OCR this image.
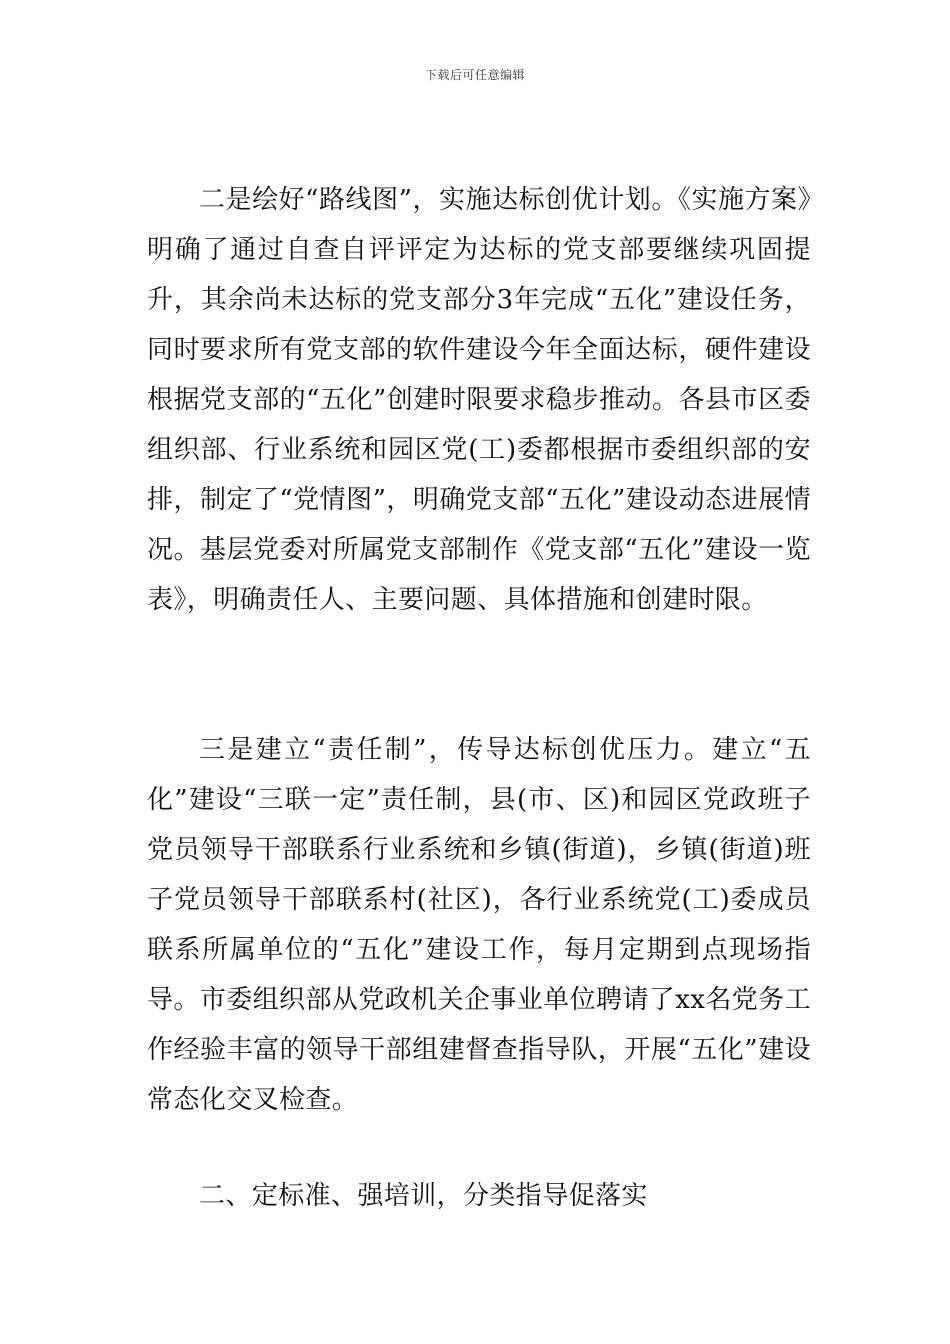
下载后可任意编辑

二是绘好“路线图”，实施达标创优计划。《实施方案》明确了通过自查自评评定为达标的党支部要继续巩固提升，其余尚未达标的党支部分3年完成“五化”建设任务，同时要求所有党支部的软件建设今年全面达标，硬件建设根据党支部的“五化”创建时限要求稳步推动。各县市区委组织部、行业系统和园区党(工)委都根据市委组织部的安排，制定了“党情图”，明确党支部“五化”建设动态进展情况。基层党委对所属党支部制作《党支部“五化”建设一览表》，明确责任人、主要问题、具体措施和创建时限。

三是建立“责任制”，传导达标创优压力。建立“五化”建设“三联一定”责任制，县(市、区)和园区党政班子党员领导干部联系行业系统和乡镇(街道)，乡镇(街道)班子党员领导干部联系村(社区)，各行业系统党(工)委成员联系所属单位的“五化”建设工作，每月定期到点现场指导。市委组织部从党政机关企事业单位聘请了xx名党务工作经验丰富的领导干部组建督查指导队，开展“五化”建设常态化交叉检查。

二、定标准、强培训，分类指导促落实
